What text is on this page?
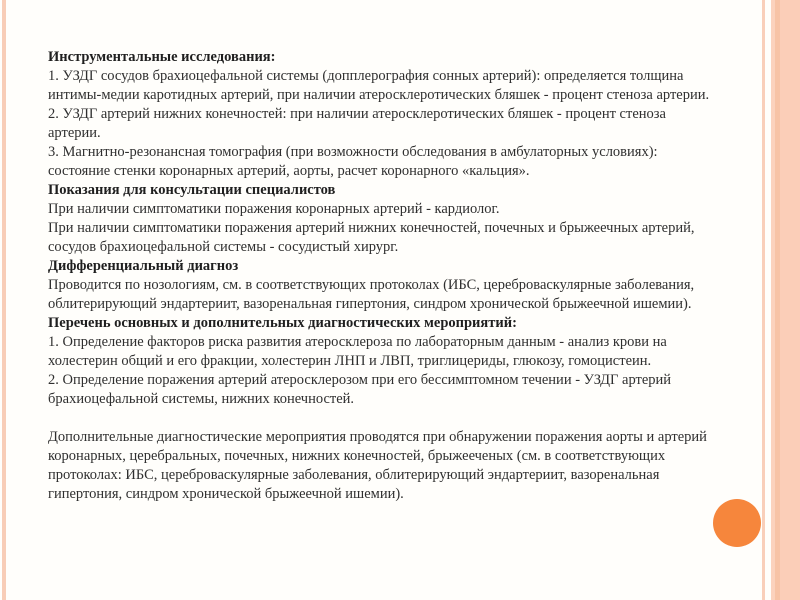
Инструментальные исследования:

1. УЗДГ сосудов брахиоцефальной системы (допплерография сонных артерий): определяется толщина интимы-медии каротидных артерий, при наличии атеросклеротических бляшек - процент стеноза артерии.

2. УЗДГ артерий нижних конечностей: при наличии атеросклеротических бляшек - процент стеноза артерии.

3. Магнитно-резонансная томография (при возможности обследования в амбулаторных условиях): состояние стенки коронарных артерий, аорты, расчет коронарного «кальция».

Показания для консультации специалистов

При наличии симптоматики поражения коронарных артерий - кардиолог.

При наличии симптоматики поражения артерий нижних конечностей, почечных и брыжеечных артерий, сосудов брахиоцефальной системы - сосудистый хирург.

Дифференциальный диагноз

Проводится по нозологиям, см. в соответствующих протоколах (ИБС, цереброваскулярные заболевания, облитерирующий эндартериит, вазоренальная гипертония, синдром хронической брыжеечной ишемии).

Перечень основных и дополнительных диагностических мероприятий:

1. Определение факторов риска развития атеросклероза по лабораторным данным - анализ крови на холестерин общий и его фракции, холестерин ЛНП и ЛВП, триглицериды, глюкозу, гомоцистеин.

2. Определение поражения артерий атеросклерозом при его бессимптомном течении - УЗДГ артерий брахиоцефальной системы, нижних конечностей.

Дополнительные диагностические мероприятия проводятся при обнаружении поражения аорты и артерий коронарных, церебральных, почечных, нижних конечностей, брыжееченых (см. в соответствующих протоколах: ИБС, цереброваскулярные заболевания, облитерирующий эндартериит, вазоренальная гипертония, синдром хронической брыжеечной ишемии).
